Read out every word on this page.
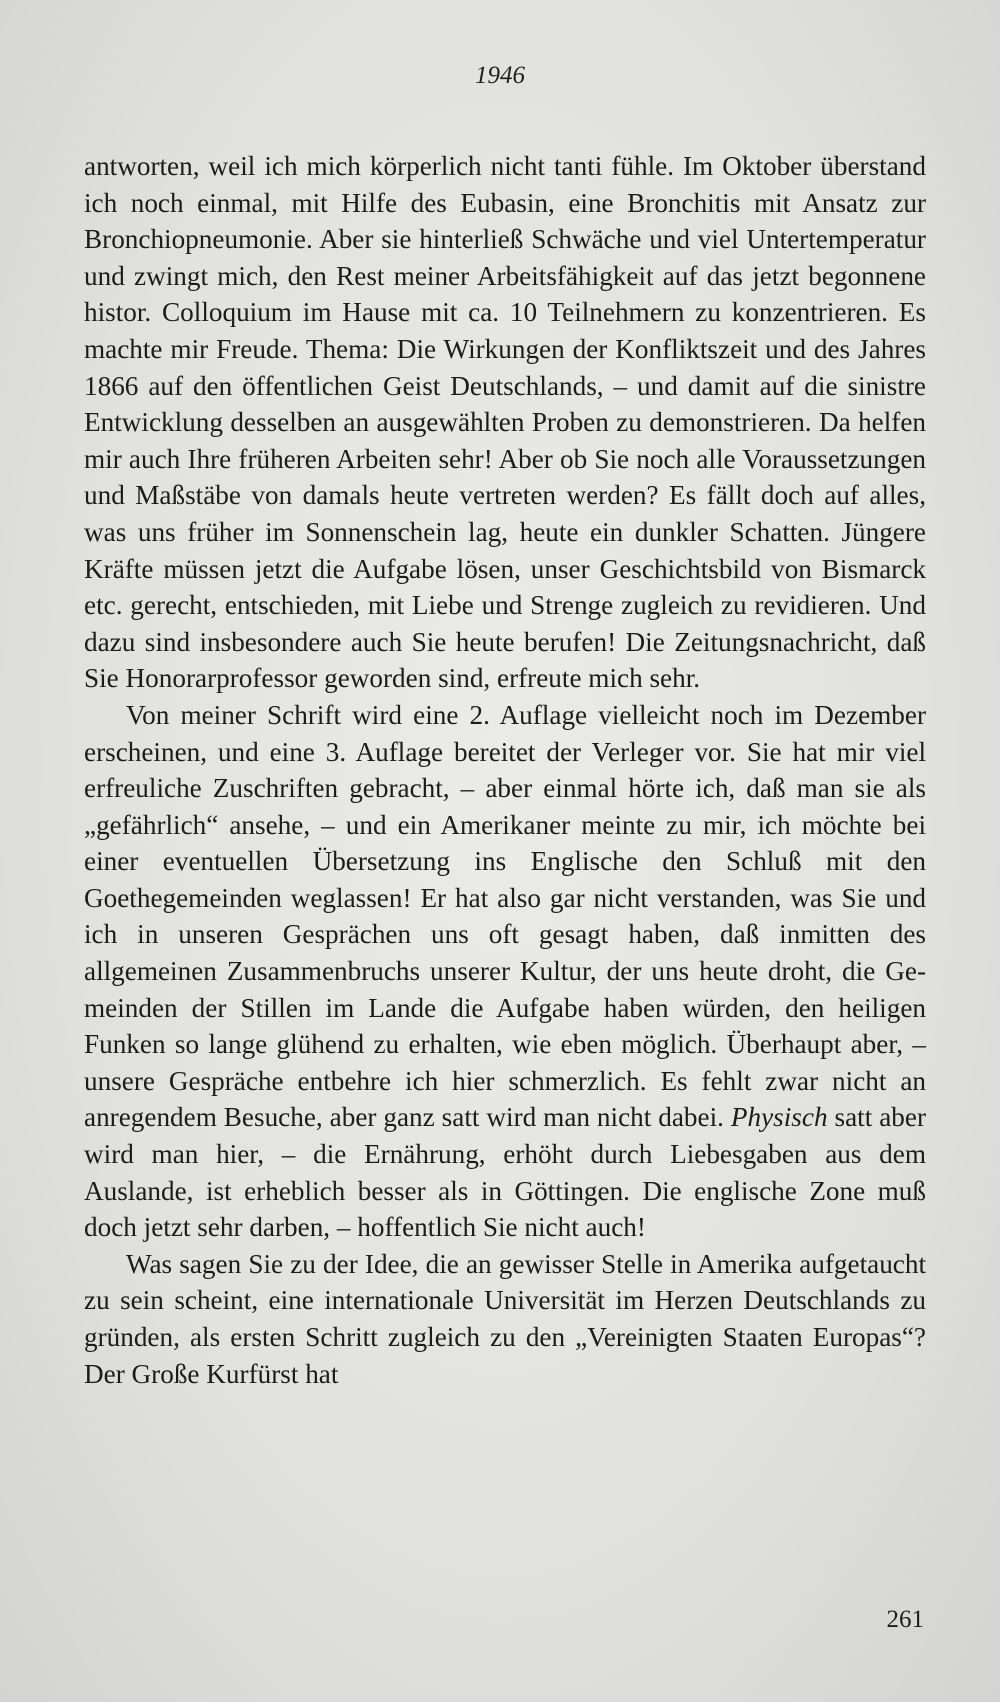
1946

antworten, weil ich mich körperlich nicht tanti fühle. Im Oktober überstand ich noch einmal, mit Hilfe des Eubasin, eine Bronchitis mit Ansatz zur Bronchiopneumonie. Aber sie hinterließ Schwäche und viel Untertemperatur und zwingt mich, den Rest meiner Arbeitsfähigkeit auf das jetzt begonnene histor. Colloquium im Hause mit ca. 10 Teilnehmern zu konzentrieren. Es machte mir Freude. Thema: Die Wirkungen der Konfliktszeit und des Jahres 1866 auf den öffentlichen Geist Deutschlands, – und damit auf die sinistre Entwicklung desselben an ausgewählten Proben zu demonstrieren. Da helfen mir auch Ihre früheren Arbeiten sehr! Aber ob Sie noch alle Voraussetzungen und Maßstäbe von damals heute vertreten werden? Es fällt doch auf alles, was uns früher im Sonnenschein lag, heute ein dunkler Schatten. Jüngere Kräfte müssen jetzt die Aufgabe lösen, unser Geschichtsbild von Bismarck etc. gerecht, entschieden, mit Liebe und Strenge zugleich zu revidieren. Und dazu sind insbesondere auch Sie heute berufen! Die Zeitungsnachricht, daß Sie Honorarprofessor geworden sind, erfreute mich sehr.

Von meiner Schrift wird eine 2. Auflage vielleicht noch im Dezember erscheinen, und eine 3. Auflage bereitet der Verleger vor. Sie hat mir viel erfreuliche Zuschriften gebracht, – aber einmal hörte ich, daß man sie als „gefährlich“ ansehe, – und ein Amerikaner meinte zu mir, ich möchte bei einer eventuellen Übersetzung ins Englische den Schluß mit den Goethegemeinden weglassen! Er hat also gar nicht verstanden, was Sie und ich in unseren Gesprächen uns oft gesagt haben, daß inmitten des allgemeinen Zusammenbruchs unserer Kultur, der uns heute droht, die Gemeinden der Stillen im Lande die Aufgabe haben würden, den heiligen Funken so lange glühend zu erhalten, wie eben möglich. Überhaupt aber, – unsere Gespräche entbehre ich hier schmerzlich. Es fehlt zwar nicht an anregendem Besuche, aber ganz satt wird man nicht dabei. Physisch satt aber wird man hier, – die Ernährung, erhöht durch Liebesgaben aus dem Auslande, ist erheblich besser als in Göttingen. Die englische Zone muß doch jetzt sehr darben, – hoffentlich Sie nicht auch!

Was sagen Sie zu der Idee, die an gewisser Stelle in Amerika aufgetaucht zu sein scheint, eine internationale Universität im Herzen Deutschlands zu gründen, als ersten Schritt zugleich zu den „Vereinigten Staaten Europas“? Der Große Kurfürst hat

261
